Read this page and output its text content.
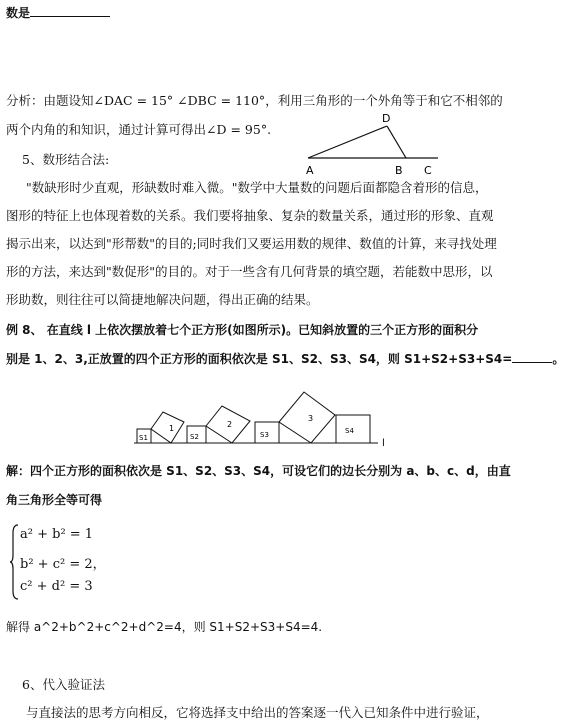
数是
分析：由题设知∠DAC = 15° ∠DBC = 110°，利用三角形的一个外角等于和它不相邻的
两个内角的和知识，通过计算可得出∠D = 95°.
D
A	B C
5、数形结合法:
"数缺形时少直观，形缺数时难入微。"数学中大量数的问题后面都隐含着形的信息，
图形的特征上也体现着数的关系。我们要将抽象、复杂的数量关系，通过形的形象、直观
揭示出来，以达到"形帮数"的目的;同时我们又要运用数的规律、数值的计算，来寻找处理
形的方法，来达到"数促形"的目的。对于一些含有几何背景的填空题，若能数中思形，以
形助数，则往往可以简捷地解决问题，得出正确的结果。
例 8、 在直线 l 上依次摆放着七个正方形(如图所示)。已知斜放置的三个正方形的面积分
别是 1、2、3,正放置的四个正方形的面积依次是 S1、S2、S3、S4，则 S1+S2+S3+S4=	。
l
S1
1
S2
2
S3
3
S4
解：四个正方形的面积依次是 S1、S2、S3、S4，可设它们的边长分别为 a、b、c、d，由直
角三角形全等可得
a² + b² = 1
b² + c² = 2，
c² + d² = 3
解得 a^2+b^2+c^2+d^2=4，则 S1+S2+S3+S4=4.
6、代入验证法
与直接法的思考方向相反，它将选择支中给出的答案逐一代入已知条件中进行验证，
